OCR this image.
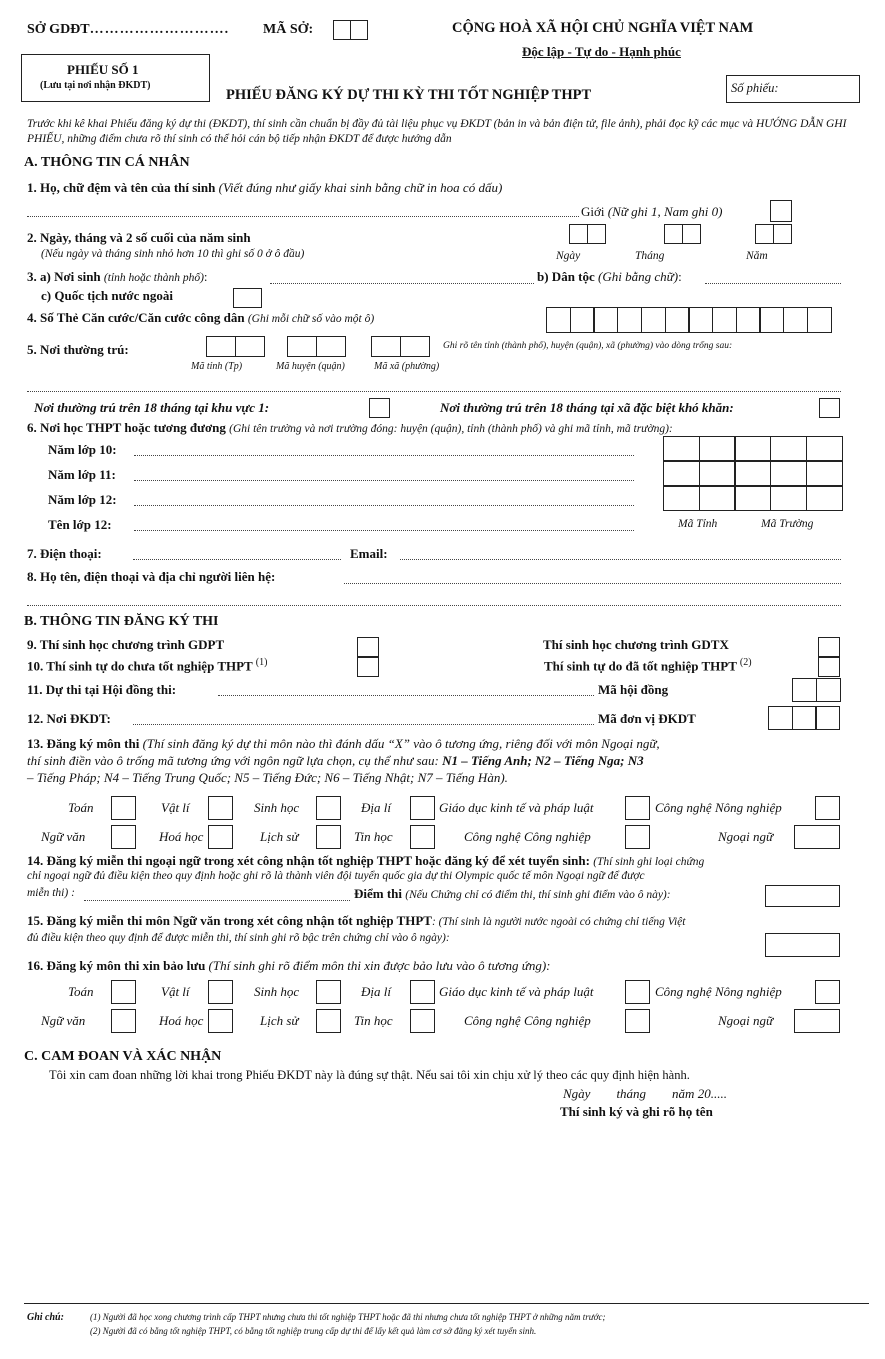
SỞ GDĐT………………………. MÃ SỞ:	CỘNG HOÀ XÃ HỘI CHỦ NGHĨA VIỆT NAM
Độc lập - Tự do - Hạnh phúc
PHIẾU SỐ 1
(Lưu tại nơi nhận ĐKDT)
PHIẾU ĐĂNG KÝ DỰ THI KỲ THI TỐT NGHIỆP THPT	Số phiếu:
Trước khi kê khai Phiếu đăng ký dự thi (ĐKDT), thí sinh cần chuẩn bị đầy đủ tài liệu phục vụ ĐKDT (bản in và bản điện tử, file ảnh), phải đọc kỹ các mục và HƯỚNG DẪN GHI PHIẾU, những điểm chưa rõ thí sinh có thể hỏi cán bộ tiếp nhận ĐKDT để được hướng dẫn
A. THÔNG TIN CÁ NHÂN
1. Họ, chữ đệm và tên của thí sinh (Viết đúng như giấy khai sinh bằng chữ in hoa có dấu)
Giới (Nữ ghi 1, Nam ghi 0)
2. Ngày, tháng và 2 số cuối của năm sinh
(Nếu ngày và tháng sinh nhỏ hơn 10 thì ghi số 0 ở ô đầu)	Ngày	Tháng	Năm
3. a) Nơi sinh (tỉnh hoặc thành phố):	b) Dân tộc (Ghi bằng chữ):
c) Quốc tịch nước ngoài
4. Số Thẻ Căn cước/Căn cước công dân (Ghi mỗi chữ số vào một ô)
5. Nơi thường trú:	Ghi rõ tên tỉnh (thành phố), huyện (quận), xã (phường) vào dòng trống sau:
Mã tỉnh (Tp)	Mã huyện (quận)	Mã xã (phường)
Nơi thường trú trên 18 tháng tại khu vực 1:	Nơi thường trú trên 18 tháng tại xã đặc biệt khó khăn:
6. Nơi học THPT hoặc tương đương (Ghi tên trường và nơi trường đóng: huyện (quận), tỉnh (thành phố) và ghi mã tỉnh, mã trường):
Năm lớp 10:
Năm lớp 11:
Năm lớp 12:
Tên lớp 12:	Mã Tỉnh	Mã Trường
7. Điện thoại:	Email:
8. Họ tên, điện thoại và địa chỉ người liên hệ:
B. THÔNG TIN ĐĂNG KÝ THI
9. Thí sinh học chương trình GDPT	Thí sinh học chương trình GDTX
10. Thí sinh tự do chưa tốt nghiệp THPT $^{(1)}$	Thí sinh tự do đã tốt nghiệp THPT $^{(2)}$
11. Dự thi tại Hội đồng thi:	Mã hội đồng
12. Nơi ĐKDT:	Mã đơn vị ĐKDT
13. Đăng ký môn thi (Thí sinh đăng ký dự thi môn nào thì đánh dấu “X” vào ô tương ứng, riêng đối với môn Ngoại ngữ,
thí sinh điền vào ô trống mã tương ứng với ngôn ngữ lựa chọn, cụ thể như sau: N1 – Tiếng Anh; N2 – Tiếng Nga; N3
– Tiếng Pháp; N4 – Tiếng Trung Quốc; N5 – Tiếng Đức; N6 – Tiếng Nhật; N7 – Tiếng Hàn).
Toán	Vật lí	Sinh học	Địa lí	Giáo dục kinh tế và pháp luật	Công nghệ Nông nghiệp
Ngữ văn	Hoá học	Lịch sử	Tin học	Công nghệ Công nghiệp	Ngoại ngữ
14. Đăng ký miễn thi ngoại ngữ trong xét công nhận tốt nghiệp THPT hoặc đăng ký để xét tuyển sinh: (Thí sinh ghi loại chứng
chỉ ngoại ngữ đủ điều kiện theo quy định hoặc ghi rõ là thành viên đội tuyển quốc gia dự thi Olympic quốc tế môn Ngoại ngữ để được
miễn thi) :	Điểm thi (Nếu Chứng chỉ có điểm thi, thí sinh ghi điểm vào ô này):
15. Đăng ký miễn thi môn Ngữ văn trong xét công nhận tốt nghiệp THPT: (Thí sinh là người nước ngoài có chứng chỉ tiếng Việt
đủ điều kiện theo quy định để được miễn thi, thí sinh ghi rõ bậc trên chứng chỉ vào ô ngày):
16. Đăng ký môn thi xin bảo lưu (Thí sinh ghi rõ điểm môn thi xin được bảo lưu vào ô tương ứng):
Toán	Vật lí	Sinh học	Địa lí	Giáo dục kinh tế và pháp luật	Công nghệ Nông nghiệp
Ngữ văn	Hoá học	Lịch sử	Tin học	Công nghệ Công nghiệp	Ngoại ngữ
C. CAM ĐOAN VÀ XÁC NHẬN
Tôi xin cam đoan những lời khai trong Phiếu ĐKDT này là đúng sự thật. Nếu sai tôi xin chịu xử lý theo các quy định hiện hành.
Ngày        tháng        năm 20.....
Thí sinh ký và ghi rõ họ tên
Ghi chú:	(1) Người đã học xong chương trình cấp THPT nhưng chưa thi tốt nghiệp THPT hoặc đã thi nhưng chưa tốt nghiệp THPT ở những năm trước;
(2) Người đã có bằng tốt nghiệp THPT, có bằng tốt nghiệp trung cấp dự thi để lấy kết quả làm cơ sở đăng ký xét tuyển sinh.
